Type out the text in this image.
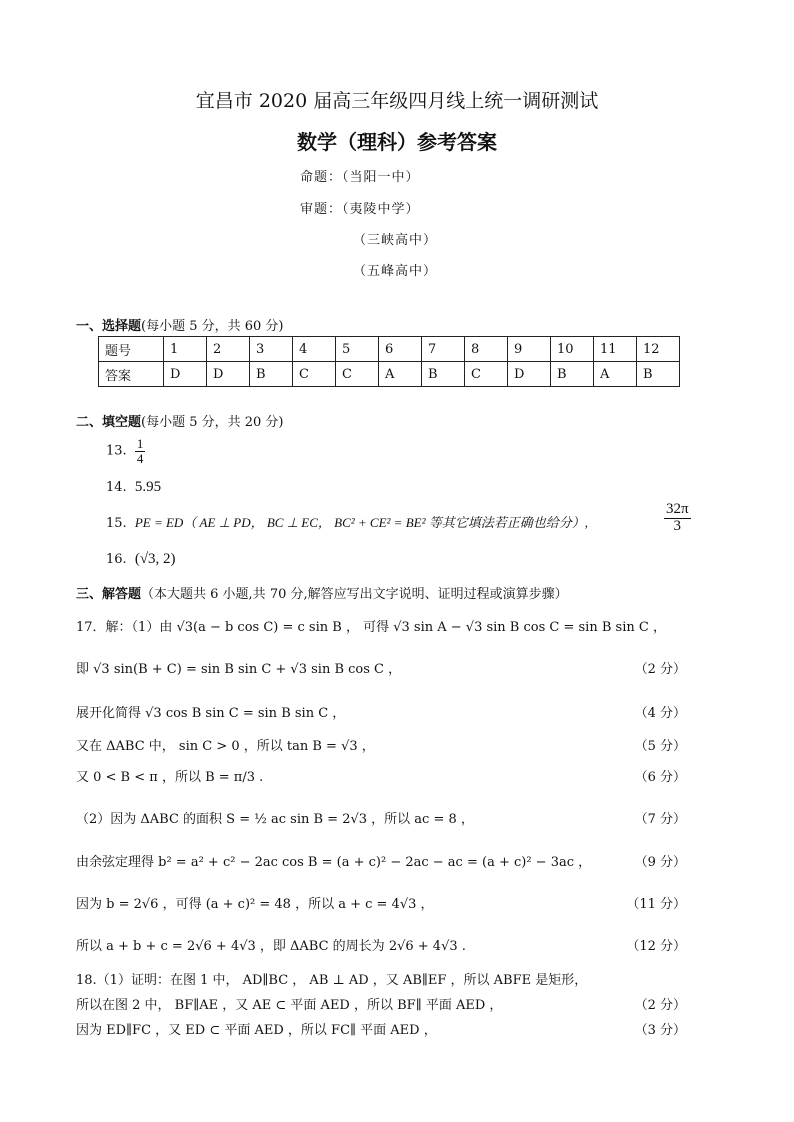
宜昌市 2020 届高三年级四月线上统一调研测试
数学（理科）参考答案
命题：（当阳一中）
审题：（夷陵中学）
（三峡高中）
（五峰高中）
一、选择题(每小题 5 分，共 60 分)
题号	1	2	3	4	5	6	7	8	9	10	11	12
答案	D	D	B	C	C	A	B	C	D	B	A	B
二、填空题(每小题 5 分，共 20 分)
13. $\frac{1}{4}$
14. 5.95
15. PE = ED（ AE ⊥ PD， BC ⊥ EC， BC² + CE² = BE² 等其它填法若正确也给分）,	$\frac{32\pi}{3}$
16. (√3, 2)
三、解答题（本大题共 6 小题,共 70 分,解答应写出文字说明、证明过程或演算步骤）
17．解：（1）由 √3(a − b cos C) = c sin B ， 可得 √3 sin A − √3 sin B cos C = sin B sin C ，
即 √3 sin(B + C) = sin B sin C + √3 sin B cos C ，	（2 分）
展开化简得 √3 cos B sin C = sin B sin C ，	（4 分）
又在 ΔABC 中， sin C > 0 ，所以 tan B = √3 ，	（5 分）
又 0 < B < π ，所以 B = π/3 .	（6 分）
（2）因为 ΔABC 的面积 S = ½ ac sin B = 2√3 ，所以 ac = 8 ，	（7 分）
由余弦定理得 b² = a² + c² − 2ac cos B = (a + c)² − 2ac − ac = (a + c)² − 3ac ，	（9 分）
因为 b = 2√6 ，可得 (a + c)² = 48 ，所以 a + c = 4√3 ，	（11 分）
所以 a + b + c = 2√6 + 4√3 ，即 ΔABC 的周长为 2√6 + 4√3 .	（12 分）
18.（1）证明：在图 1 中， AD∥BC ， AB ⊥ AD ，又 AB∥EF ，所以 ABFE 是矩形，
所以在图 2 中， BF∥AE ，又 AE ⊂ 平面 AED ，所以 BF∥ 平面 AED ，	（2 分）
因为 ED∥FC ，又 ED ⊂ 平面 AED ，所以 FC∥ 平面 AED ，	（3 分）
